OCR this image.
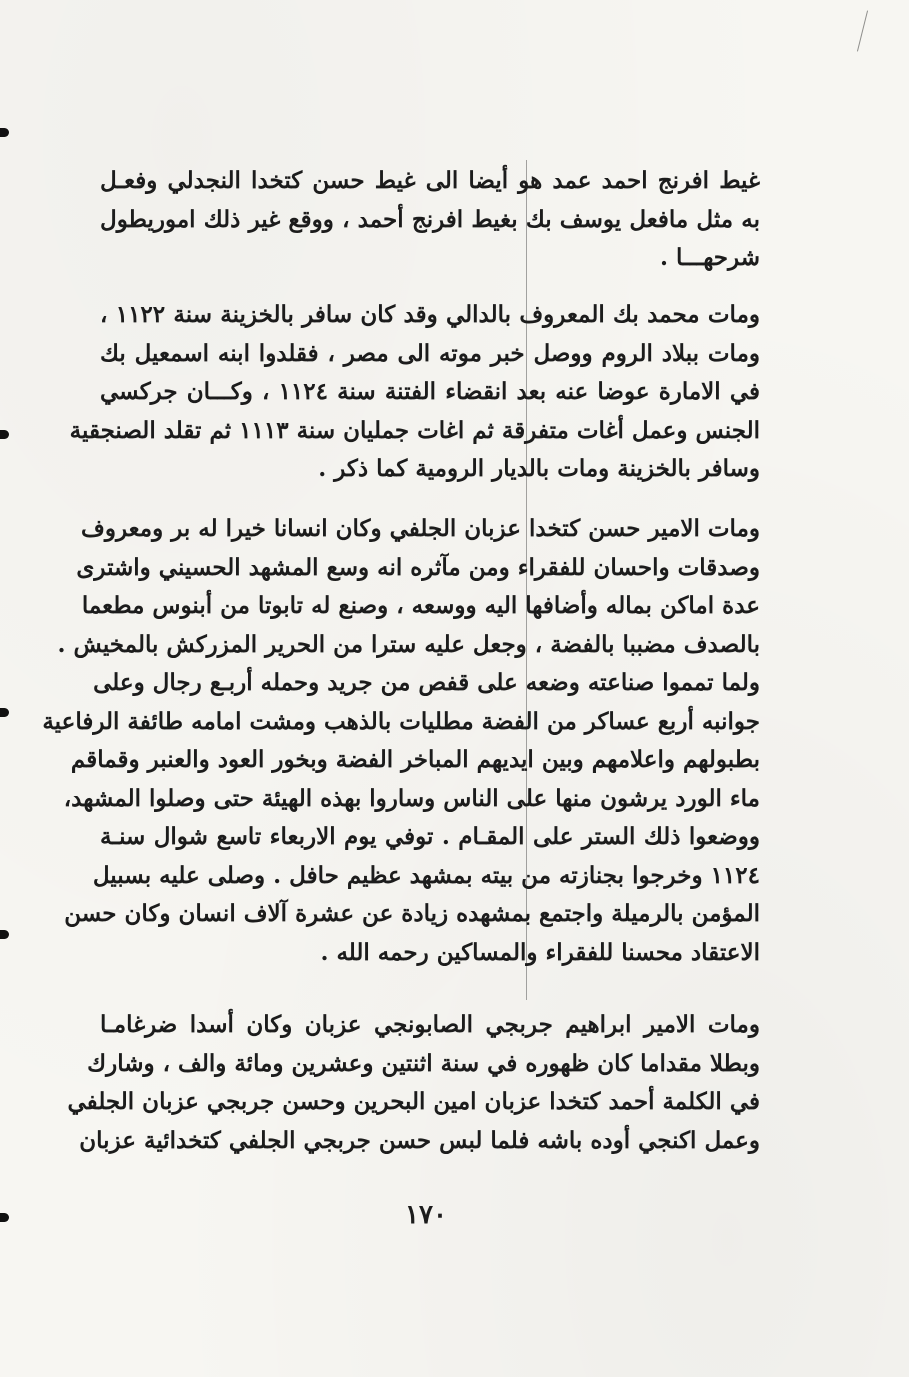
غيط افرنج احمد عمد هو أيضا الى غيط حسن كتخدا النجدلي وفعـل
به مثل مافعل يوسف بك بغيط افرنج أحمد ، ووقع غير ذلك اموريطول
شرحهـــا .
ومات محمد بك المعروف بالدالي وقد كان سافر بالخزينة سنة ١١٢٢ ،
ومات ببلاد الروم ووصل خبر موته الى مصر ، فقلدوا ابنه اسمعيل بك
في الامارة عوضا عنه بعد انقضاء الفتنة سنة ١١٢٤ ، وكـــان جركسي
الجنس وعمل أغات متفرقة ثم اغات جمليان سنة ١١١٣ ثم تقلد الصنجقية
وسافر بالخزينة ومات بالديار الرومية كما ذكر .
ومات الامير حسن كتخدا عزبان الجلفي وكان انسانا خيرا له بر ومعروف
وصدقات واحسان للفقراء ومن مآثره انه وسع المشهد الحسيني واشترى
عدة اماكن بماله وأضافها اليه ووسعه ، وصنع له تابوتا من أبنوس مطعما
بالصدف مضببا بالفضة ، وجعل عليه سترا من الحرير المزركش بالمخيش .
ولما تمموا صناعته وضعه على قفص من جريد وحمله أربـع رجال وعلى
جوانبه أربع عساكر من الفضة مطليات بالذهب ومشت امامه طائفة الرفاعية
بطبولهم واعلامهم وبين ايديهم المباخر الفضة وبخور العود والعنبر وقماقم
ماء الورد يرشون منها على الناس وساروا بهذه الهيئة حتى وصلوا المشهد،
ووضعوا ذلك الستر على المقـام . توفي يوم الاربعاء تاسع شوال سنـة
١١٢٤ وخرجوا بجنازته من بيته بمشهد عظيم حافل . وصلى عليه بسبيل
المؤمن بالرميلة واجتمع بمشهده زيادة عن عشرة آلاف انسان وكان حسن
الاعتقاد محسنا للفقراء والمساكين رحمه الله .
ومات الامير ابراهيم جربجي الصابونجي عزبان وكان أسدا ضرغامـا
وبطلا مقداما كان ظهوره في سنة اثنتين وعشرين ومائة والف ، وشارك
في الكلمة أحمد كتخدا عزبان امين البحرين وحسن جربجي عزبان الجلفي
وعمل اكنجي أوده باشه فلما لبس حسن جربجي الجلفي كتخدائية عزبان
١٧٠
